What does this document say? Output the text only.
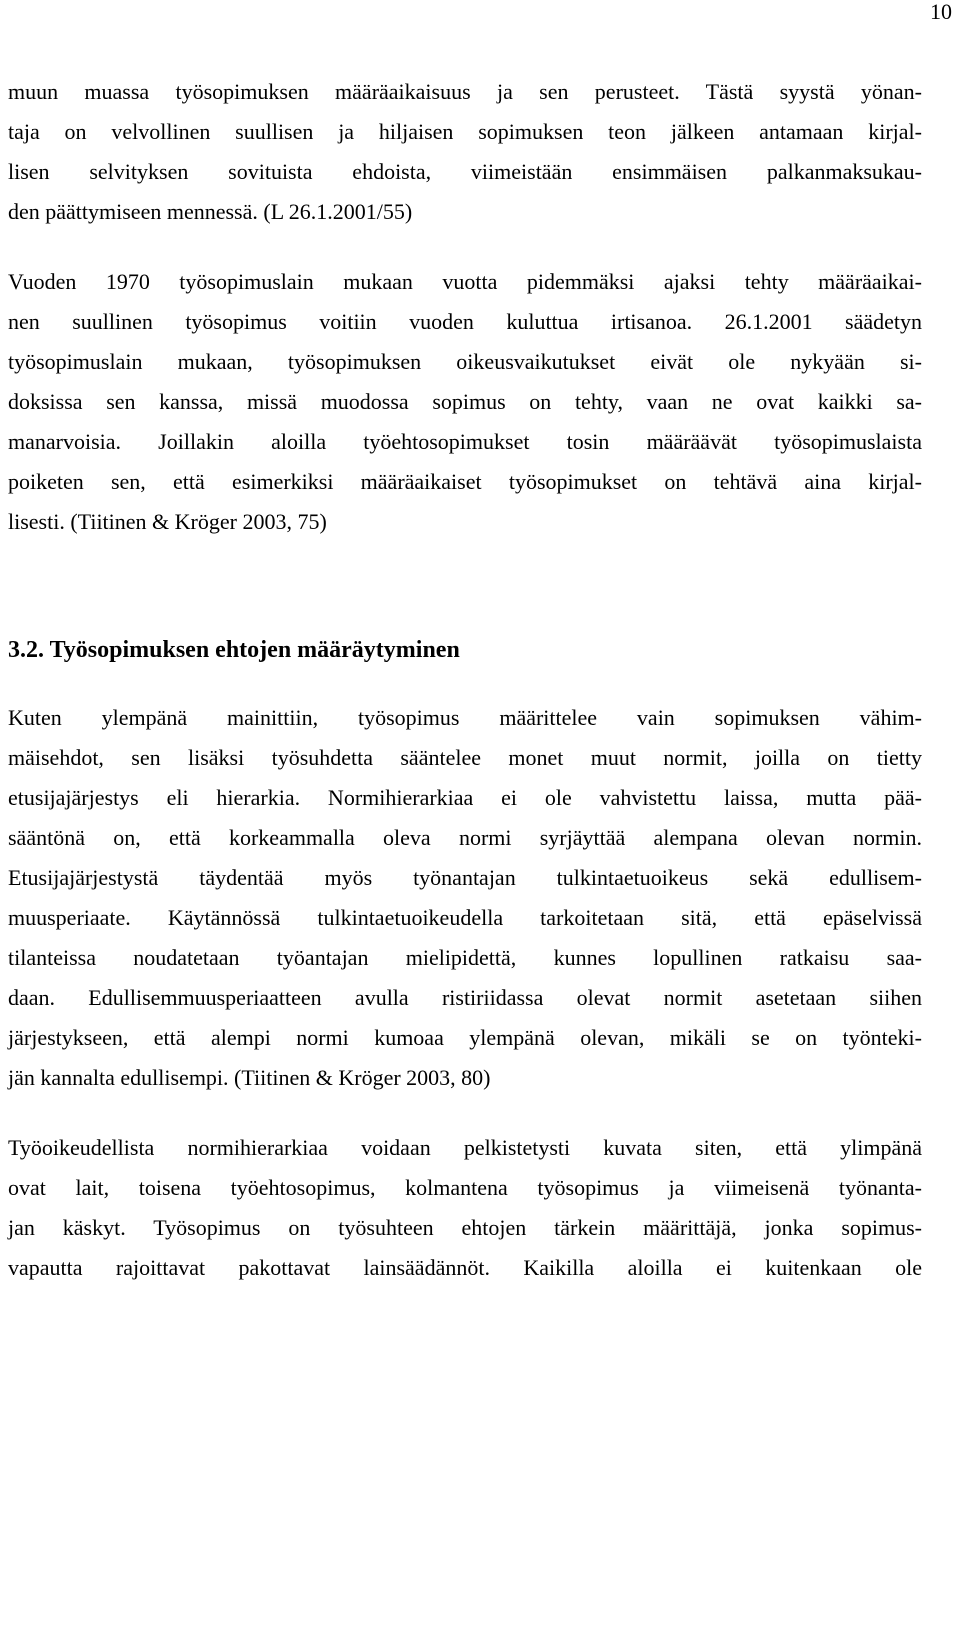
10
muun muassa työsopimuksen määräaikaisuus ja sen perusteet. Tästä syystä yönan-
taja on velvollinen suullisen ja hiljaisen sopimuksen teon jälkeen antamaan kirjal-
lisen selvityksen sovituista ehdoista, viimeistään ensimmäisen palkanmaksukau-
den päättymiseen mennessä. (L 26.1.2001/55)
Vuoden 1970 työsopimuslain mukaan vuotta pidemmäksi ajaksi tehty määräaikai-
nen suullinen työsopimus voitiin vuoden kuluttua irtisanoa. 26.1.2001 säädetyn
työsopimuslain mukaan, työsopimuksen oikeusvaikutukset eivät ole nykyään si-
doksissa sen kanssa, missä muodossa sopimus on tehty, vaan ne ovat kaikki sa-
manarvoisia. Joillakin aloilla työehtosopimukset tosin määräävät työsopimuslaista
poiketen sen, että esimerkiksi määräaikaiset työsopimukset on tehtävä aina kirjal-
lisesti. (Tiitinen & Kröger 2003, 75)
3.2. Työsopimuksen ehtojen määräytyminen
Kuten ylempänä mainittiin, työsopimus määrittelee vain sopimuksen vähim-
mäisehdot, sen lisäksi työsuhdetta sääntelee monet muut normit, joilla on tietty
etusijajärjestys eli hierarkia. Normihierarkiaa ei ole vahvistettu laissa, mutta pää-
sääntönä on, että korkeammalla oleva normi syrjäyttää alempana olevan normin.
Etusijajärjestystä täydentää myös työnantajan tulkintaetuoikeus sekä edullisem-
muusperiaate. Käytännössä tulkintaetuoikeudella tarkoitetaan sitä, että epäselvissä
tilanteissa noudatetaan työantajan mielipidettä, kunnes lopullinen ratkaisu saa-
daan. Edullisemmuusperiaatteen avulla ristiriidassa olevat normit asetetaan siihen
järjestykseen, että alempi normi kumoaa ylempänä olevan, mikäli se on työnteki-
jän kannalta edullisempi. (Tiitinen & Kröger 2003, 80)
Työoikeudellista normihierarkiaa voidaan pelkistetysti kuvata siten, että ylimpänä
ovat lait, toisena työehtosopimus, kolmantena työsopimus ja viimeisenä työnanta-
jan käskyt. Työsopimus on työsuhteen ehtojen tärkein määrittäjä, jonka sopimus-
vapautta rajoittavat pakottavat lainsäädännöt. Kaikilla aloilla ei kuitenkaan ole
